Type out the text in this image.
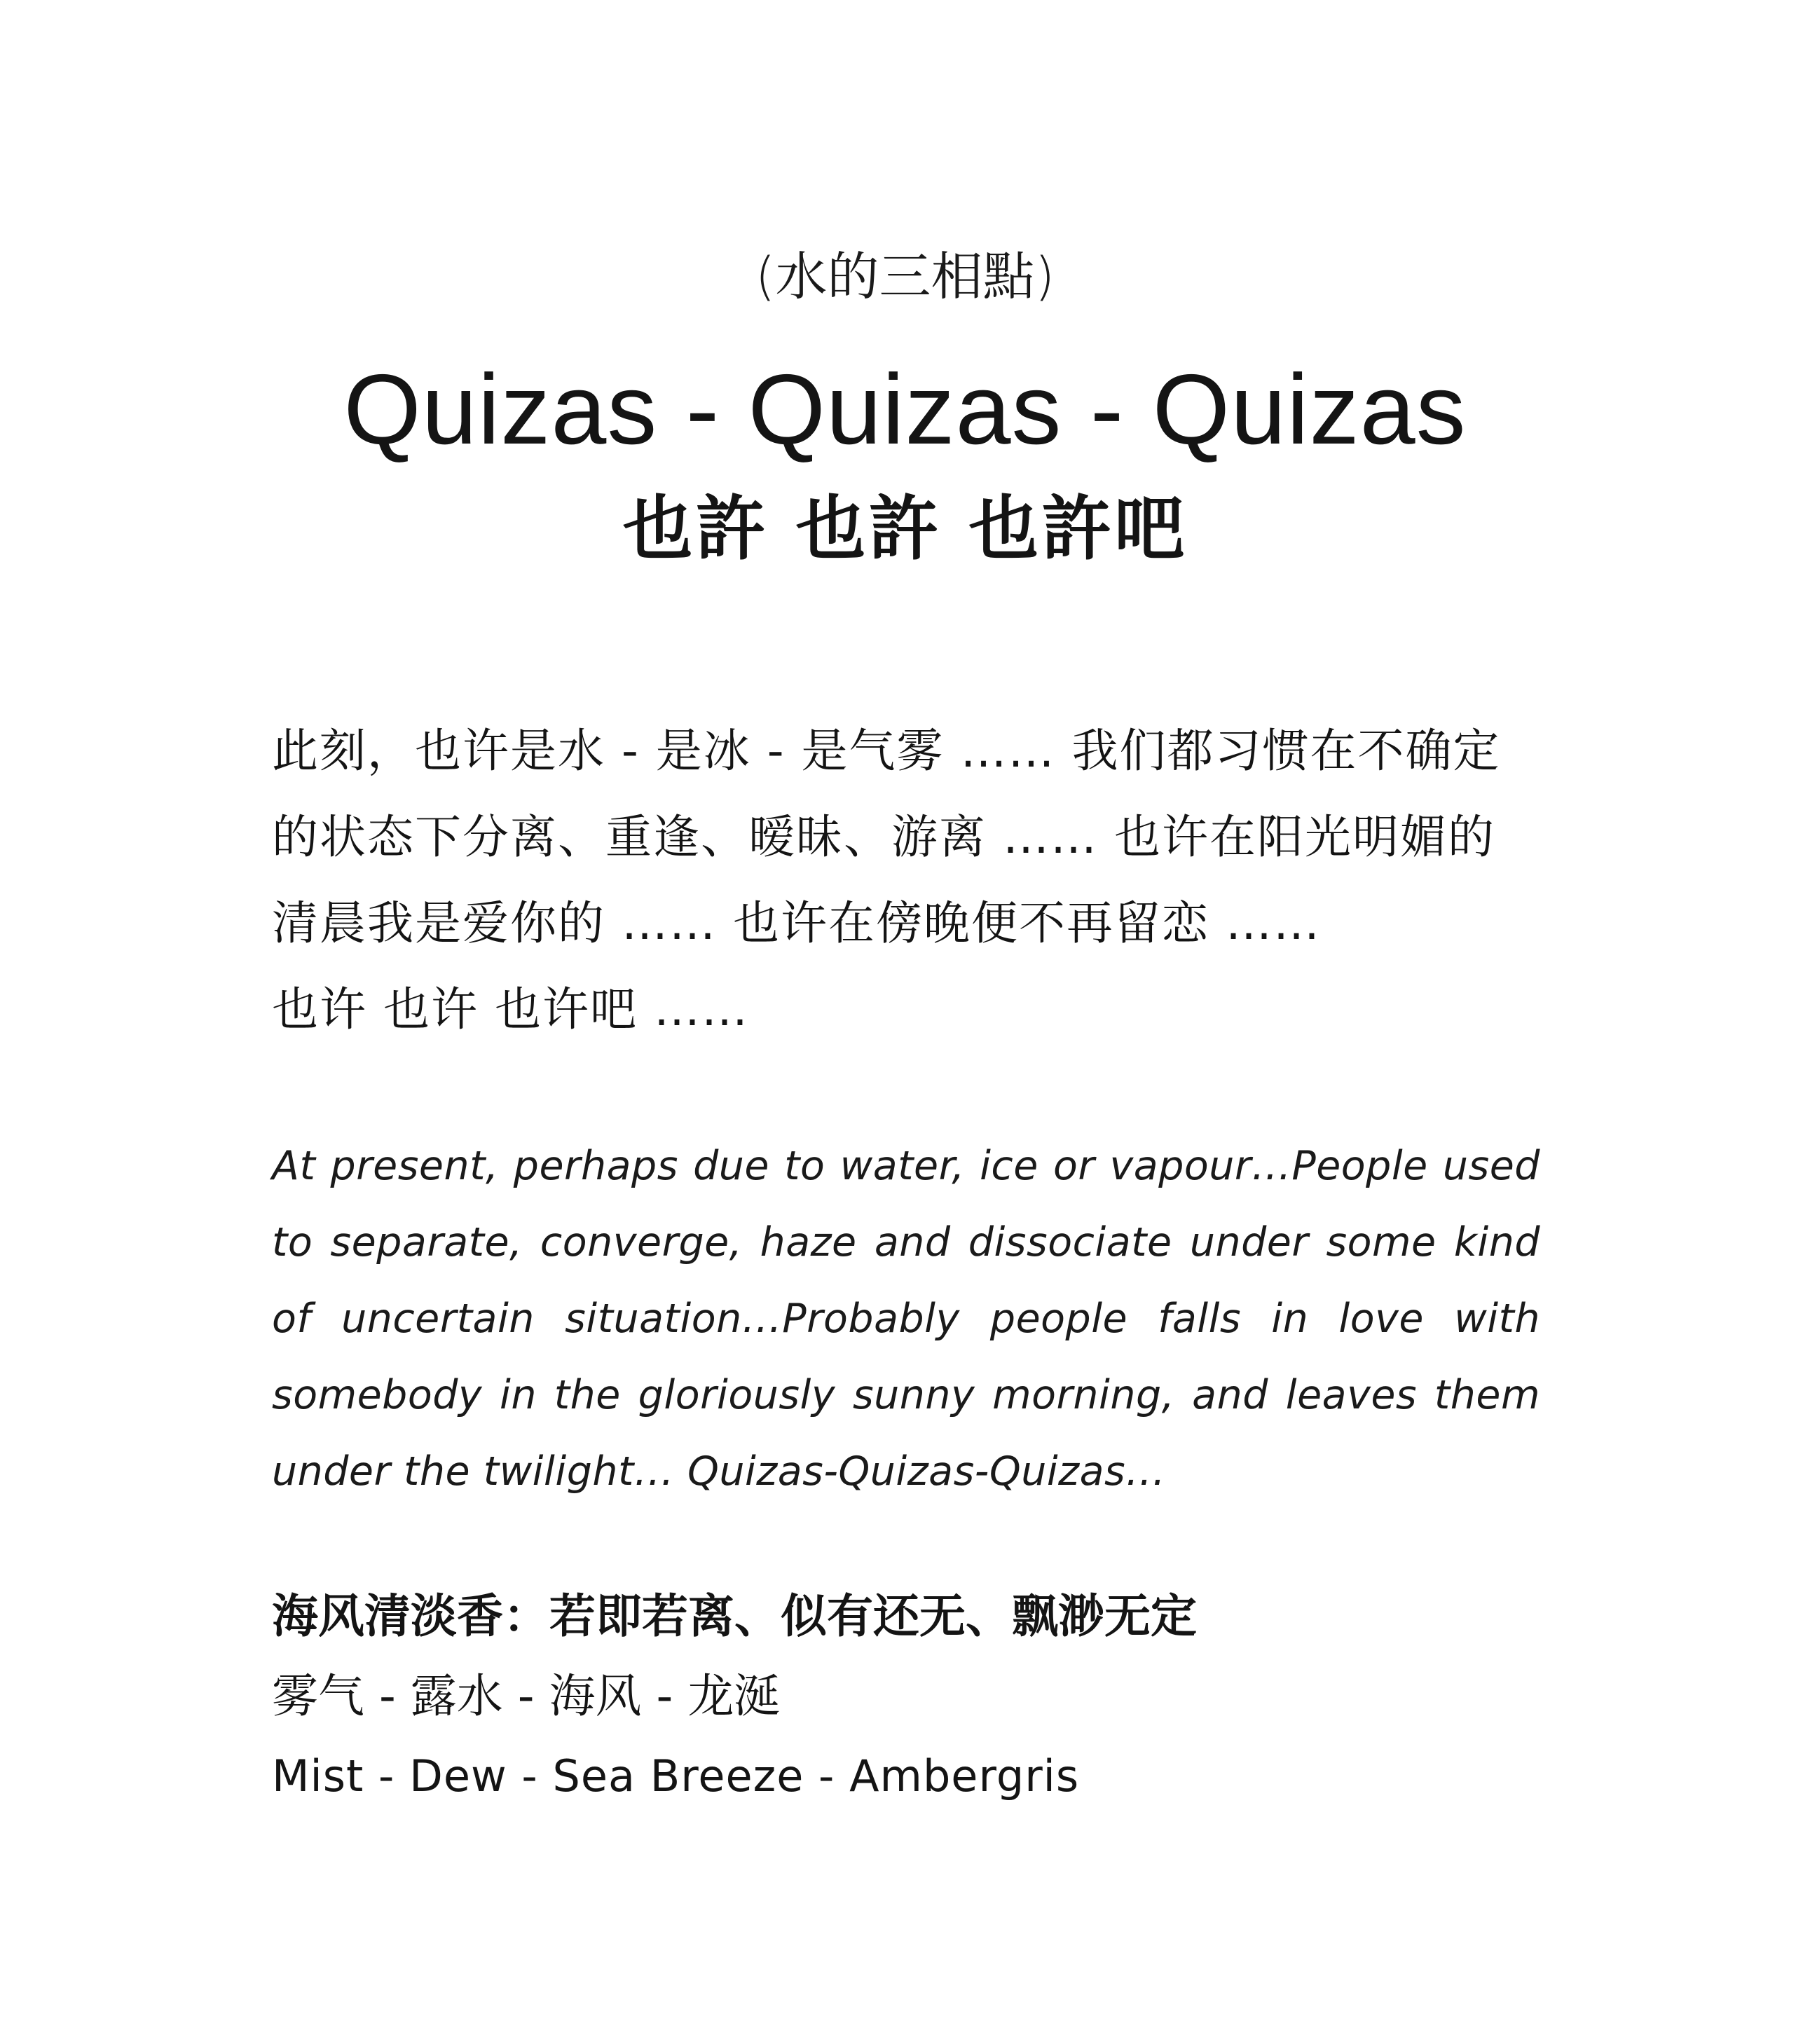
(水的三相點)
Quizas - Quizas - Quizas
也許 也許 也許吧
此刻，也许是水 - 是冰 - 是气雾 …… 我们都习惯在不确定
的状态下分离、重逢、暧昧、游离 …… 也许在阳光明媚的
清晨我是爱你的 …… 也许在傍晚便不再留恋 ……
也许 也许 也许吧 ……
At present, perhaps due to water, ice or vapour…People used to separate, converge, haze and dissociate under some kind of uncertain situation…Probably people falls in love with somebody in the gloriously sunny morning, and leaves them under the twilight… Quizas-Quizas-Quizas…
海风清淡香：若即若离、似有还无、飘渺无定
雾气 - 露水 - 海风 - 龙涎
Mist - Dew - Sea Breeze - Ambergris
